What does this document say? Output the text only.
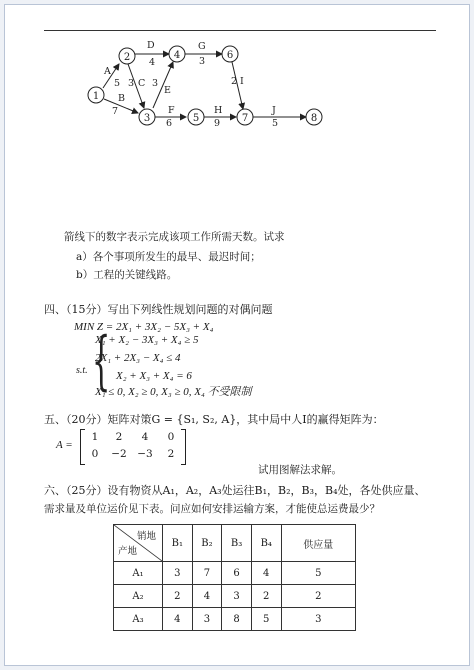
1
2
3
4
5
6
7	8
A
5
B
7
C
3
D
4
E
3
F
6
G
3
H
9
I
2
J
5
箭线下的数字表示完成该项工作所需天数。试求
a）各个事项所发生的最早、最迟时间；
b）工程的关键线路。
四、（15分）写出下列线性规划问题的对偶问题
MIN Z = 2X₁ + 3X₂ − 5X₃ + X₄
s.t. {
X₁ + X₂ − 3X₃ + X₄ ≥ 5
2X₁ + 2X₃ − X₄ ≤ 4
X₂ + X₃ + X₄ = 6
X₁ ≤ 0, X₂ ≥ 0, X₃ ≥ 0, X₄ 不受限制
五、（20分）矩阵对策G = {S₁, S₂, A}，其中局中人Ⅰ的赢得矩阵为：
A =
1	2	4	0
0	−2 −3	2
试用图解法求解。
六、（25分）设有物资从A₁，A₂，A₃处运往B₁，B₂，B₃，B₄处，各处供应量、
需求量及单位运价见下表。问应如何安排运输方案，才能使总运费最少？
销地
产地	B₁	B₂	B₃	B₄	供应量
A₁	3	7	6	4	5
A₂	2	4	3	2	2
A₃	4	3	8	5	3
